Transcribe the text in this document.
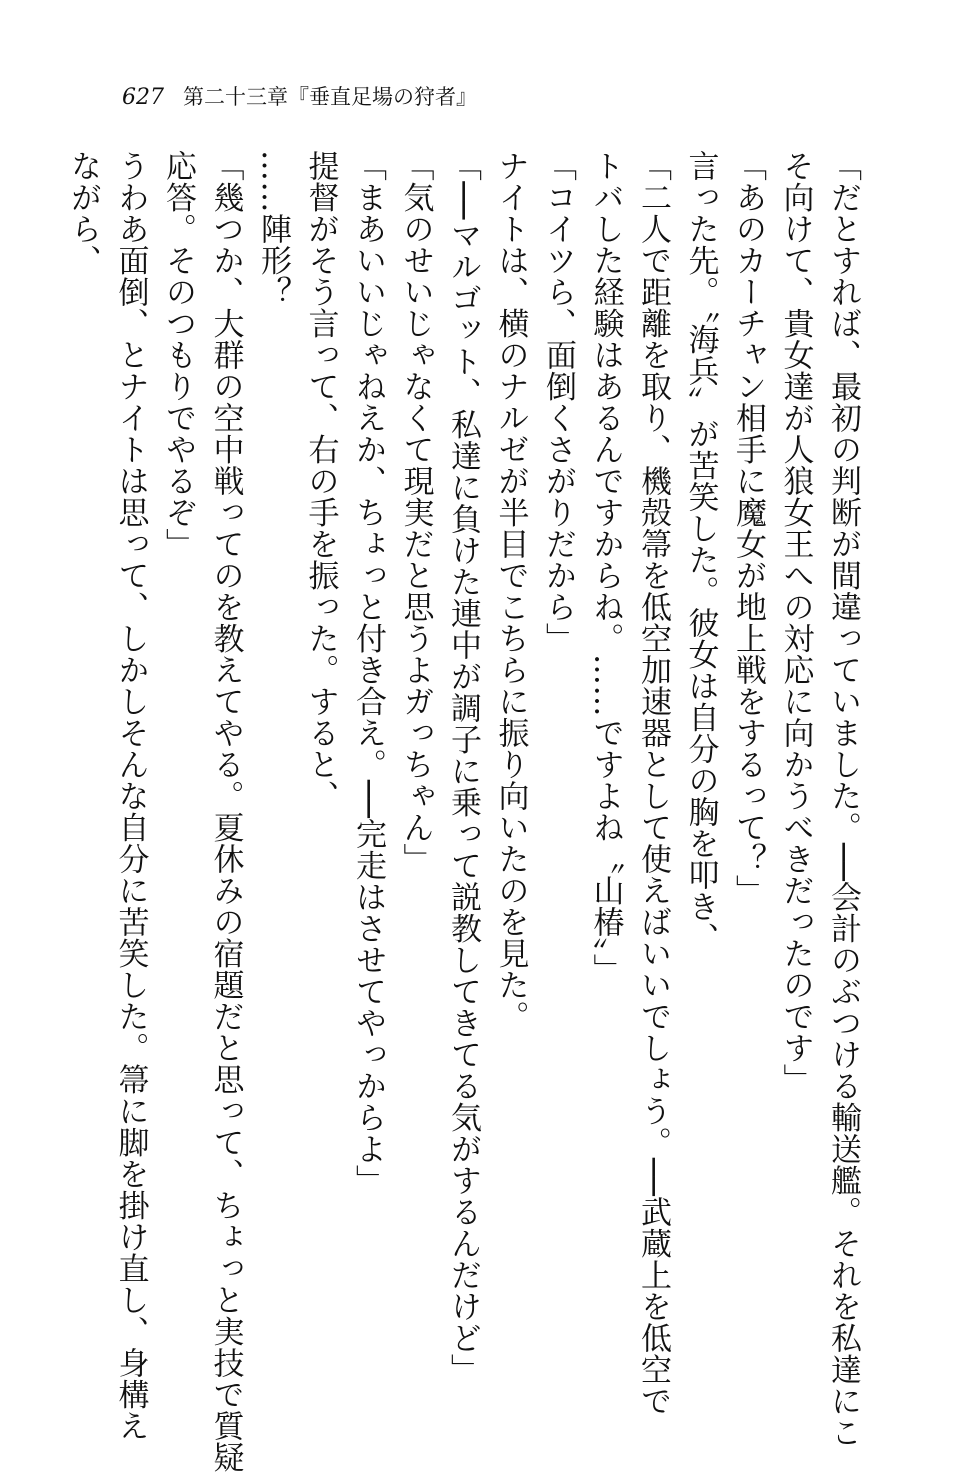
627 第二十三章『垂直足場の狩者』
「だとすれば、最初の判断が間違っていました。──会計のぶつける輸送艦。それを私達にこ
そ向けて、貴女達が人狼女王への対応に向かうべきだったのです」
「あのカーチャン相手に魔女が地上戦をするって？」
言った先。〝海兵〟が苦笑した。彼女は自分の胸を叩き、
「二人で距離を取り、機殻箒を低空加速器として使えばいいでしょう。──武蔵上を低空で
トバした経験はあるんですからね。……ですよね〝山椿〟」
「コイツら、面倒くさがりだから」
ナイトは、横のナルゼが半目でこちらに振り向いたのを見た。
「──マルゴット、私達に負けた連中が調子に乗って説教してきてる気がするんだけど」
「気のせいじゃなくて現実だと思うよガっちゃん」
「まあいいじゃねえか、ちょっと付き合え。──完走はさせてやっからよ」
提督がそう言って、右の手を振った。すると、
……陣形？
「幾つか、大群の空中戦ってのを教えてやる。夏休みの宿題だと思って、ちょっと実技で質疑
応答。そのつもりでやるぞ」
うわあ面倒、とナイトは思って、しかしそんな自分に苦笑した。箒に脚を掛け直し、身構え
ながら、
